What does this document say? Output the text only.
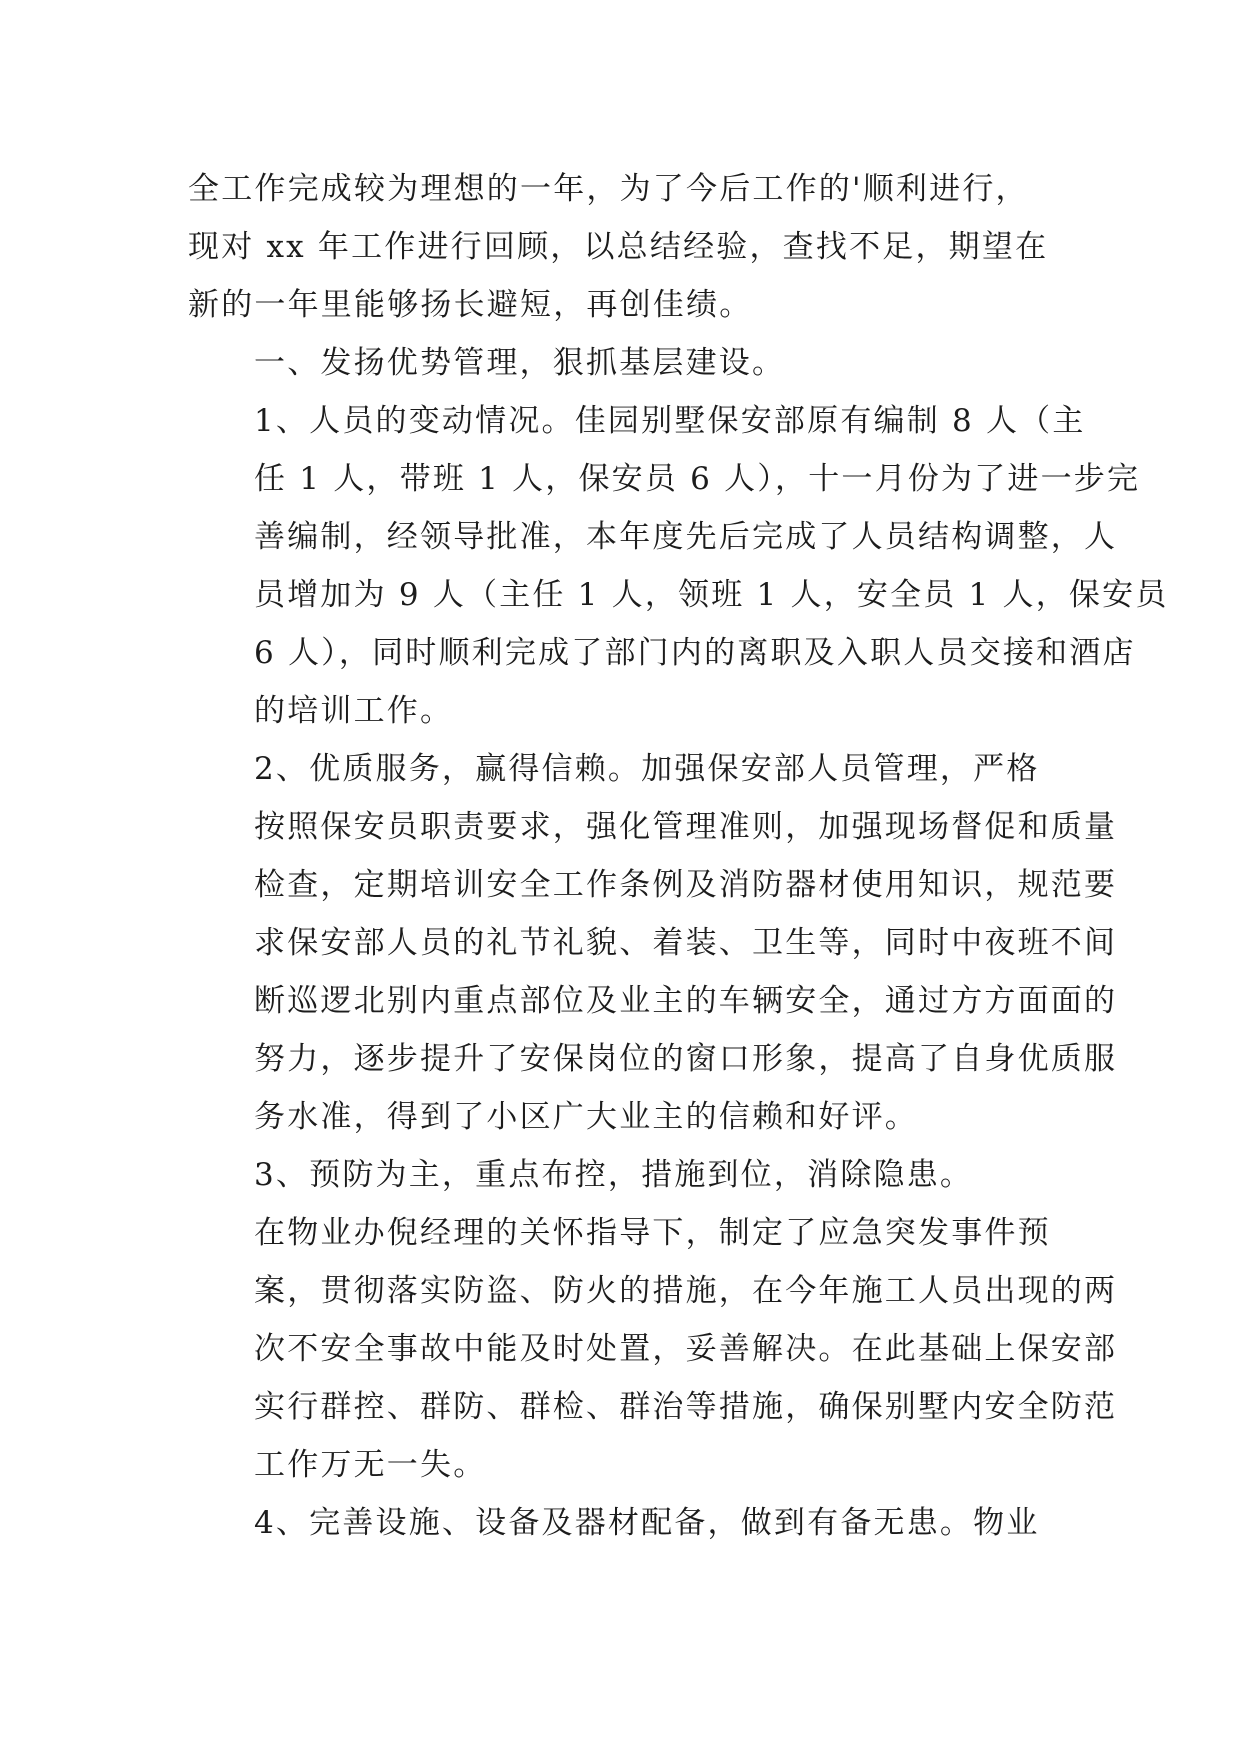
全工作完成较为理想的一年，为了今后工作的'顺利进行，
现对 xx 年工作进行回顾，以总结经验，查找不足，期望在
新的一年里能够扬长避短，再创佳绩。

一、发扬优势管理，狠抓基层建设。

1、人员的变动情况。佳园别墅保安部原有编制 8 人（主

任 1 人，带班 1 人，保安员 6 人），十一月份为了进一步完
善编制，经领导批准，本年度先后完成了人员结构调整，人
员增加为 9 人（主任 1 人，领班 1 人，安全员 1 人，保安员
6 人），同时顺利完成了部门内的离职及入职人员交接和酒店
的培训工作。

2、优质服务，赢得信赖。加强保安部人员管理，严格

按照保安员职责要求，强化管理准则，加强现场督促和质量
检查，定期培训安全工作条例及消防器材使用知识，规范要
求保安部人员的礼节礼貌、着装、卫生等，同时中夜班不间
断巡逻北别内重点部位及业主的车辆安全，通过方方面面的
努力，逐步提升了安保岗位的窗口形象，提高了自身优质服
务水准，得到了小区广大业主的信赖和好评。

3、预防为主，重点布控，措施到位，消除隐患。

在物业办倪经理的关怀指导下，制定了应急突发事件预

案，贯彻落实防盗、防火的措施，在今年施工人员出现的两
次不安全事故中能及时处置，妥善解决。在此基础上保安部
实行群控、群防、群检、群治等措施，确保别墅内安全防范
工作万无一失。

4、完善设施、设备及器材配备，做到有备无患。物业
